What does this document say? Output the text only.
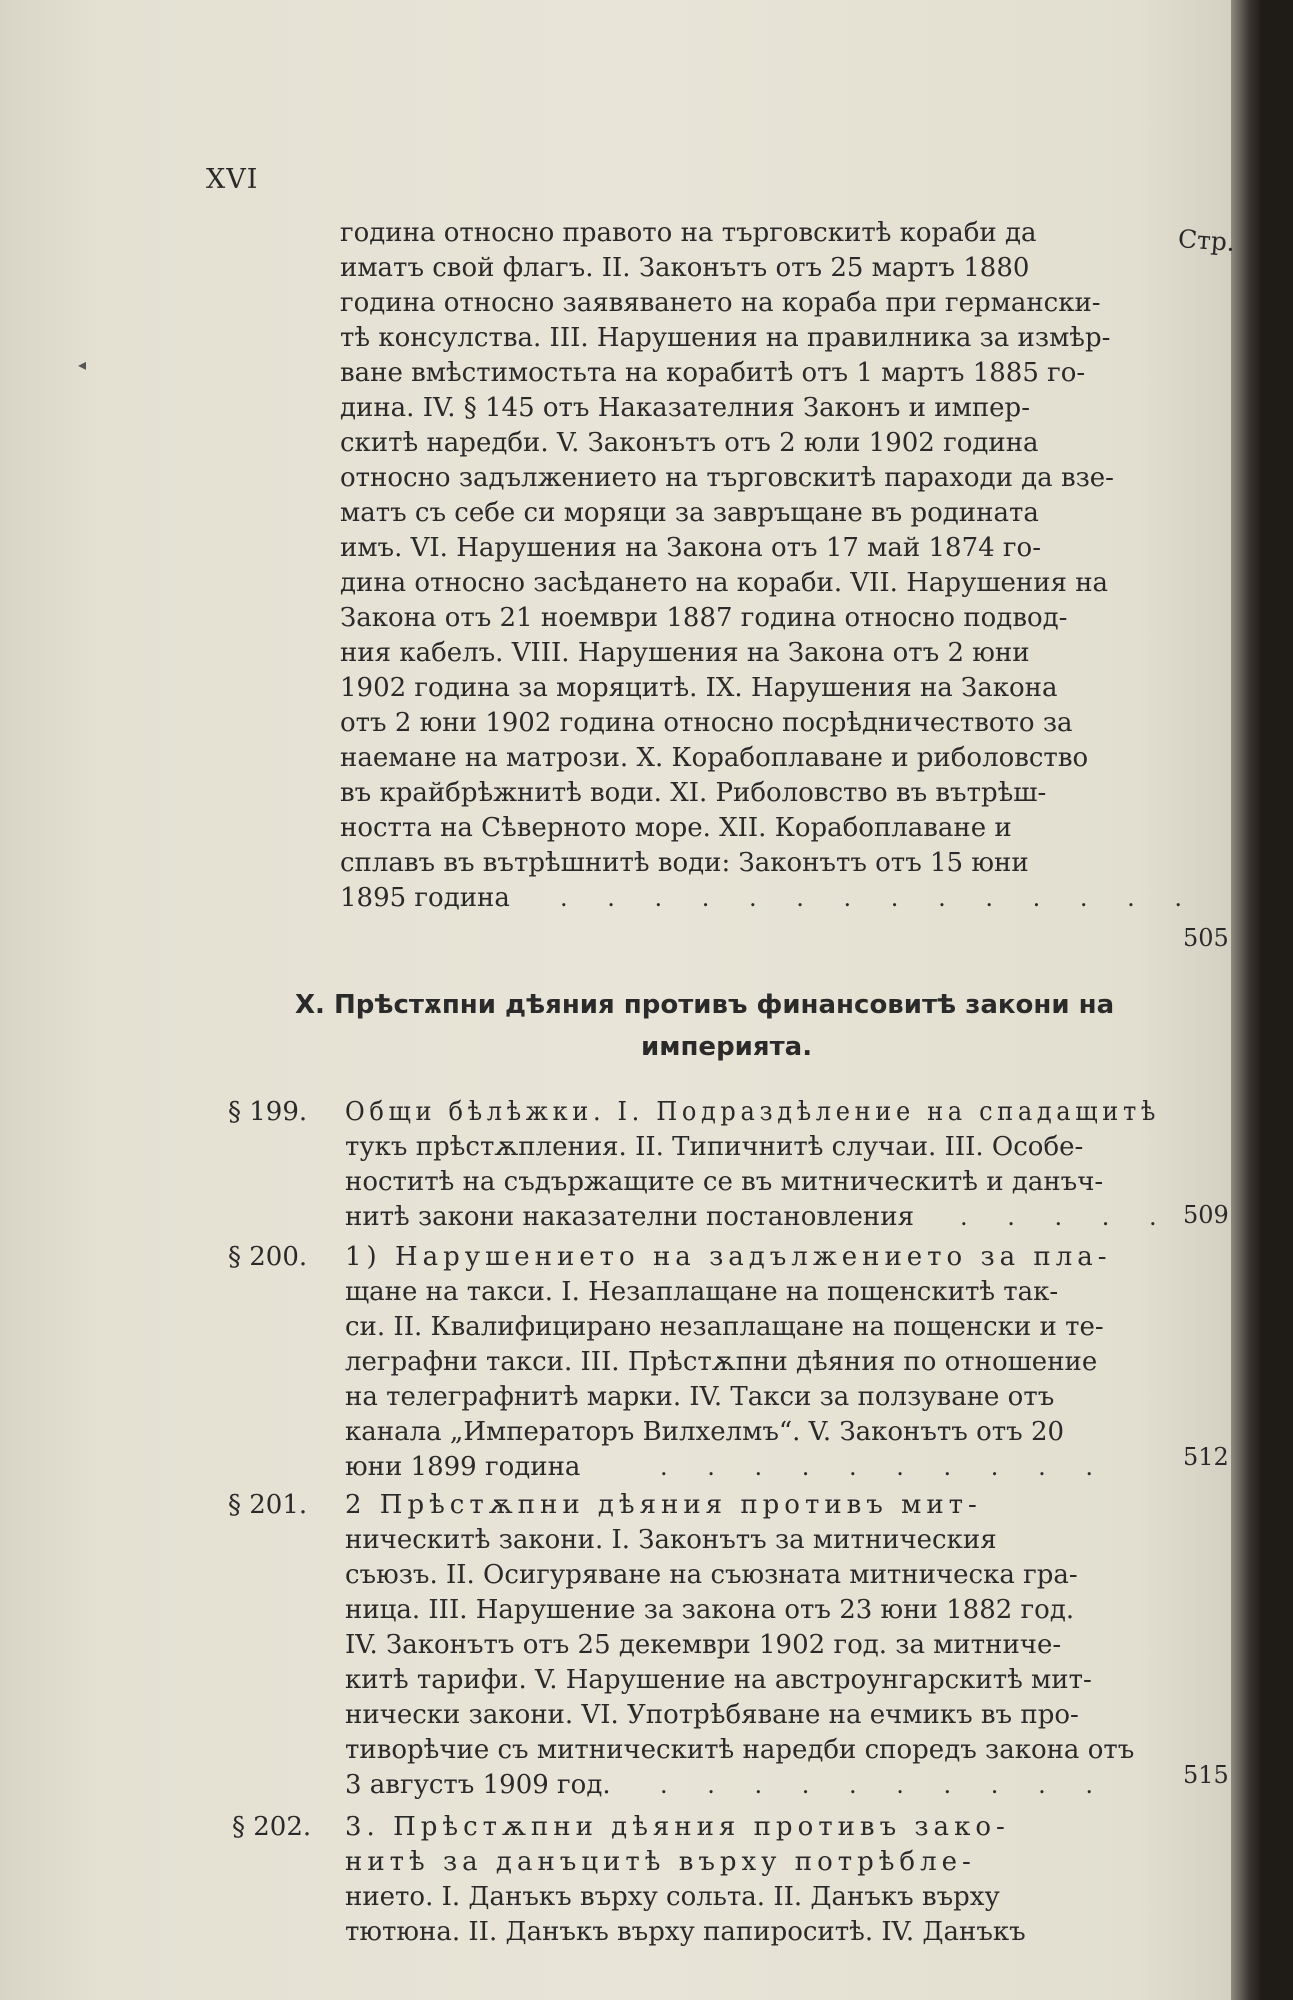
XVI
Стр.
◂
година относно правото на търговскитѣ кораби да
иматъ свой флагъ. II. Законътъ отъ 25 мартъ 1880
година относно заявяването на кораба при германски-
тѣ консулства. III. Нарушения на правилника за измѣр-
ване вмѣстимостьта на корабитѣ отъ 1 мартъ 1885 го-
дина. IV. § 145 отъ Наказателния Законъ и импер-
скитѣ наредби. V. Законътъ отъ 2 юли 1902 година
относно задължението на търговскитѣ параходи да взе-
матъ съ себе си моряци за завръщане въ родината
имъ. VI. Нарушения на Закона отъ 17 май 1874 го-
дина относно засѣдането на кораби. VII. Нарушения на
Закона отъ 21 ноември 1887 година относно подвод-
ния кабелъ. VIII. Нарушения на Закона отъ 2 юни
1902 година за моряцитѣ. IX. Нарушения на Закона
отъ 2 юни 1902 година относно посрѣдничеството за
наемане на матрози. X. Корабоплаване и риболовство
въ крайбрѣжнитѣ води. XI. Риболовство въ вътрѣш-
ността на Сѣверното море. XII. Корабоплаване и
сплавъ въ вътрѣшнитѣ води: Законътъ отъ 15 юни
1895 година . . . . . . . . . . . . . .
505
X. Прѣстѫпни дѣяния противъ финансовитѣ закони на
империята.
§ 199. Общи бѣлѣжки. I. Подраздѣление на спадащитѣ
тукъ прѣстѫпления. II. Типичнитѣ случаи. III. Особе-
ноститѣ на съдържащите се въ митническитѣ и данъч-
нитѣ закони наказателни постановления . . . . . 509
§ 200. 1) Нарушението на задължението за пла-
щане на такси. I. Незаплащане на пощенскитѣ так-
си. II. Квалифицирано незаплащане на пощенски и те-
леграфни такси. III. Прѣстѫпни дѣяния по отношение
на телеграфнитѣ марки. IV. Такси за ползуване отъ
канала „Императоръ Вилхелмъ“. V. Законътъ отъ 20
юни 1899 година	. . . . . . . . . .	512
§ 201. 2 Прѣстѫпни дѣяния противъ мит-
ническитѣ закони. I. Законътъ за митническия
съюзъ. II. Осигуряване на съюзната митническа гра-
ница. III. Нарушение за закона отъ 23 юни 1882 год.
IV. Законътъ отъ 25 декември 1902 год. за митниче-
китѣ тарифи. V. Нарушение на австроунгарскитѣ мит-
нически закони. VI. Употрѣбяване на ечмикъ въ про-
тиворѣчие съ митническитѣ наредби споредъ закона отъ
3 августъ 1909 год. . . . . . . . . . .	515
§ 202. 3. Прѣстѫпни дѣяния противъ зако-
нитѣ за данъцитѣ върху потрѣбле-
нието. I. Данъкъ върху сольта. II. Данъкъ върху
тютюна. II. Данъкъ върху папироситѣ. IV. Данъкъ
